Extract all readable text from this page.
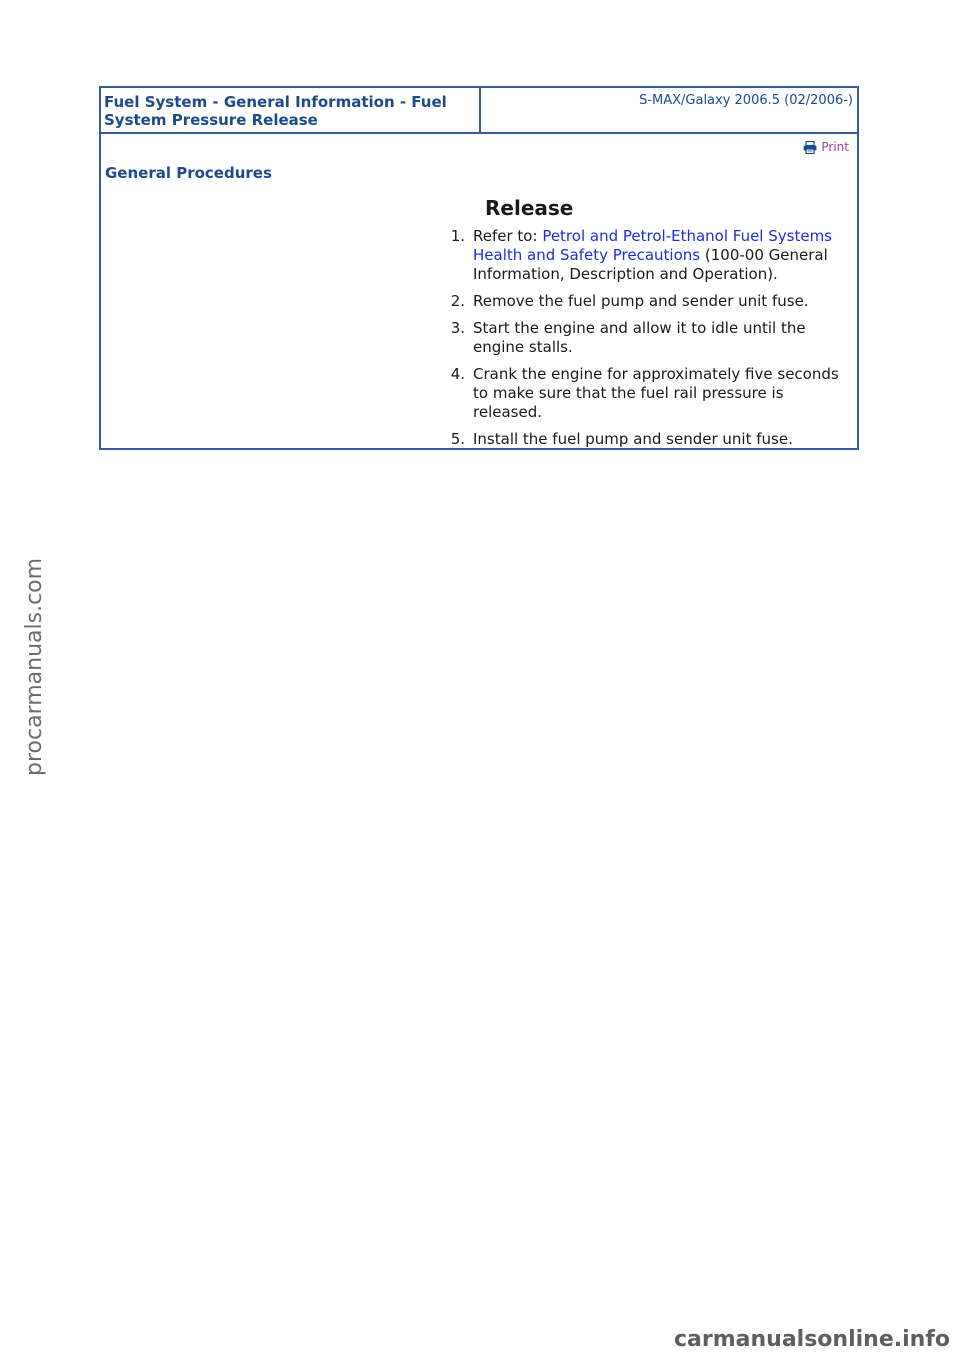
Fuel System - General Information - Fuel System Pressure Release
S-MAX/Galaxy 2006.5 (02/2006-)
Print
General Procedures
Release
1. Refer to: Petrol and Petrol-Ethanol Fuel Systems Health and Safety Precautions (100-00 General Information, Description and Operation).
2. Remove the fuel pump and sender unit fuse.
3. Start the engine and allow it to idle until the engine stalls.
4. Crank the engine for approximately five seconds to make sure that the fuel rail pressure is released.
5. Install the fuel pump and sender unit fuse.
procarmanuals.com
carmanualsonline.info
